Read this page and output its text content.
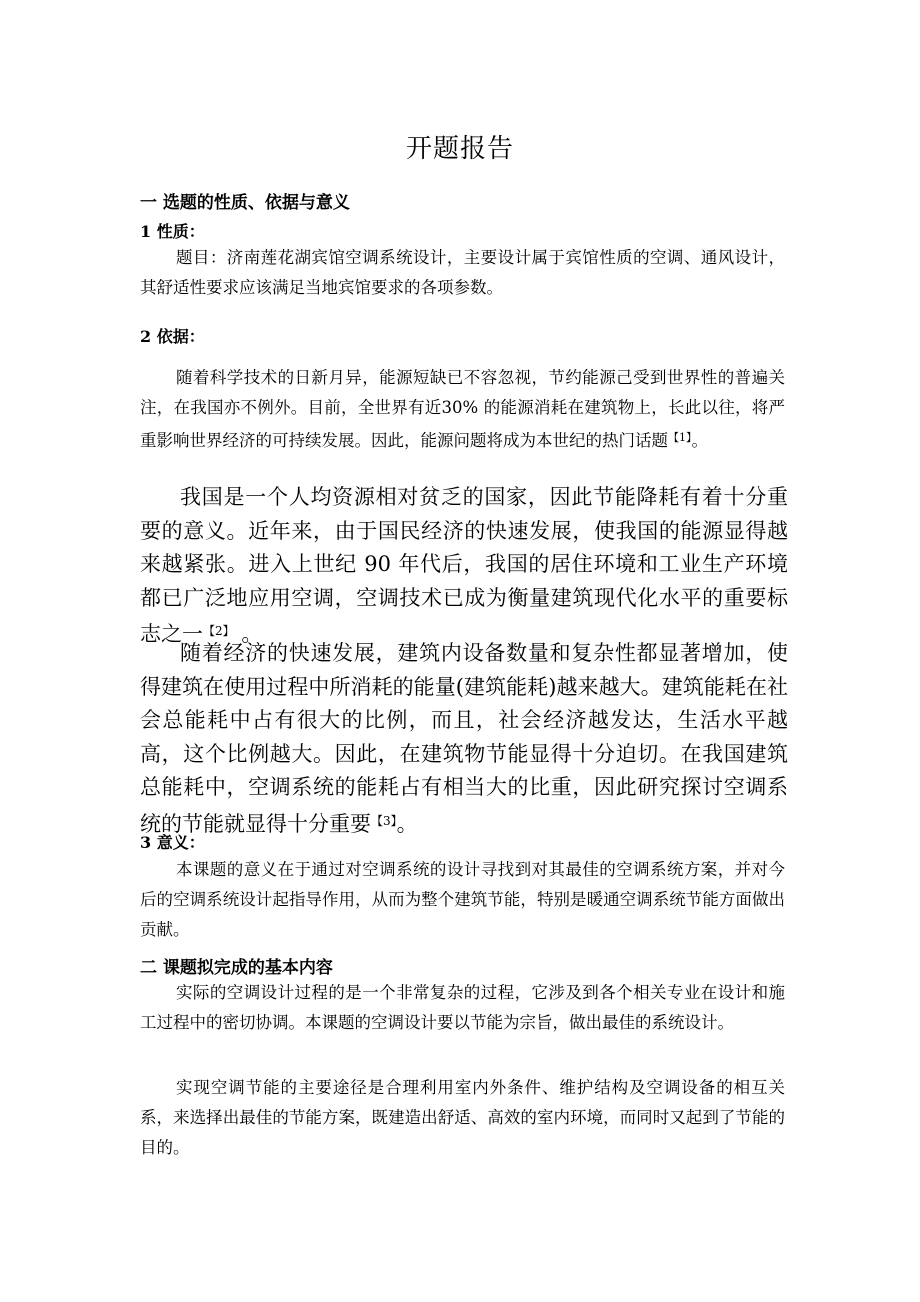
开题报告
一 选题的性质、依据与意义
1 性质：
题目：济南莲花湖宾馆空调系统设计，主要设计属于宾馆性质的空调、通风设计，其舒适性要求应该满足当地宾馆要求的各项参数。
2 依据：
随着科学技术的日新月异，能源短缺已不容忽视，节约能源己受到世界性的普遍关注，在我国亦不例外。目前，全世界有近30% 的能源消耗在建筑物上，长此以往，将严重影响世界经济的可持续发展。因此，能源问题将成为本世纪的热门话题$^{【1】}$。
我国是一个人均资源相对贫乏的国家，因此节能降耗有着十分重要的意义。近年来，由于国民经济的快速发展，使我国的能源显得越来越紧张。进入上世纪 90 年代后，我国的居住环境和工业生产环境都已广泛地应用空调，空调技术已成为衡量建筑现代化水平的重要标志之一$^{【2】}$ 。
随着经济的快速发展，建筑内设备数量和复杂性都显著增加，使得建筑在使用过程中所消耗的能量(建筑能耗)越来越大。建筑能耗在社会总能耗中占有很大的比例，而且，社会经济越发达，生活水平越高，这个比例越大。因此，在建筑物节能显得十分迫切。在我国建筑总能耗中，空调系统的能耗占有相当大的比重，因此研究探讨空调系统的节能就显得十分重要$^{【3】}$。
3 意义：
本课题的意义在于通过对空调系统的设计寻找到对其最佳的空调系统方案，并对今后的空调系统设计起指导作用，从而为整个建筑节能，特别是暖通空调系统节能方面做出贡献。
二 课题拟完成的基本内容
实际的空调设计过程的是一个非常复杂的过程，它涉及到各个相关专业在设计和施工过程中的密切协调。本课题的空调设计要以节能为宗旨，做出最佳的系统设计。
实现空调节能的主要途径是合理利用室内外条件、维护结构及空调设备的相互关系，来选择出最佳的节能方案，既建造出舒适、高效的室内环境，而同时又起到了节能的目的。
